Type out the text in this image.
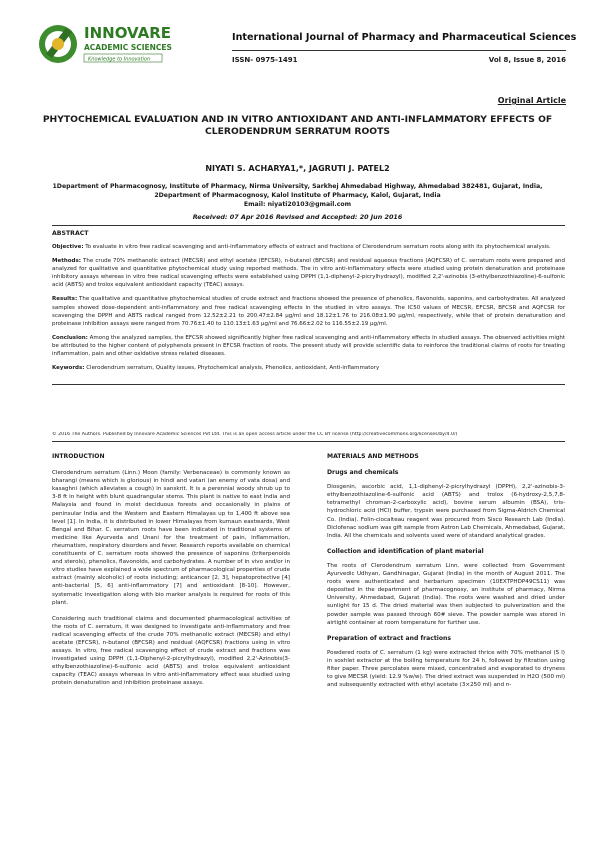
INNOVARE
ACADEMIC SCIENCES
Knowledge to Innovation
International Journal of Pharmacy and Pharmaceutical Sciences
ISSN- 0975-1491	Vol 8, Issue 8, 2016
Original Article
PHYTOCHEMICAL EVALUATION AND IN VITRO ANTIOXIDANT AND ANTI-INFLAMMATORY EFFECTS OF CLERODENDRUM SERRATUM ROOTS
NIYATI S. ACHARYA1,*, JAGRUTI J. PATEL2
1Department of Pharmacognosy, Institute of Pharmacy, Nirma University, Sarkhej Ahmedabad Highway, Ahmedabad 382481, Gujarat, India, 2Department of Pharmacognosy, Kalol Institute of Pharmacy, Kalol, Gujarat, India
Email: niyati20103@gmail.com
Received: 07 Apr 2016 Revised and Accepted: 20 Jun 2016
ABSTRACT
Objective: To evaluate in vitro free radical scavenging and anti-inflammatory effects of extract and fractions of Clerodendrum serratum roots along with its phytochemical analysis.
Methods: The crude 70% methanolic extract (MECSR) and ethyl acetate (EFCSR), n-butanol (BFCSR) and residual aqueous fractions (AQFCSR) of C. serratum roots were prepared and analyzed for qualitative and quantitative phytochemical study using reported methods. The in vitro anti-inflammatory effects were studied using protein denaturation and proteinase inhibitory assays whereas in vitro free radical scavenging effects were established using DPPH (1,1-diphenyl-2-picrylhydrazyl), modified 2,2'-azinobis (3-ethylbenzothiazoline)-6-sulfonic acid (ABTS) and trolox equivalent antioxidant capacity (TEAC) assays.
Results: The qualitative and quantitative phytochemical studies of crude extract and fractions showed the presence of phenolics, flavonoids, saponins, and carbohydrates. All analyzed samples showed dose-dependent anti-inflammatory and free radical scavenging effects in the studied in vitro assays. The IC50 values of MECSR, EFCSR, BFCSR and AQFCSR for scavenging the DPPH and ABTS radical ranged from 12.52±2.21 to 200.47±2.84 µg/ml and 18.12±1.76 to 216.08±1.90 µg/ml, respectively, while that of protein denaturation and proteinase inhibition assays were ranged from 70.76±1.40 to 110.13±1.63 µg/ml and 76.66±2.02 to 116.55±2.19 µg/ml.
Conclusion: Among the analyzed samples, the EFCSR showed significantly higher free radical scavenging and anti-inflammatory effects in studied assays. The observed activities might be attributed to the higher content of polyphenols present in EFCSR fraction of roots. The present study will provide scientific data to reinforce the traditional claims of roots for treating inflammation, pain and other oxidative stress related diseases.
Keywords: Clerodendrum serratum, Quality issues, Phytochemical analysis, Phenolics, antioxidant, Anti-inflammatory
© 2016 The Authors. Published by Innovare Academic Sciences Pvt Ltd. This is an open access article under the CC BY license (http://creativecommons.org/licenses/by/4.0/)
INTRODUCTION
Clerodendrum serratum (Linn.) Moon (family: Verbenaceae) is commonly known as bharangi (means which is glorious) in hindi and vatari (an enemy of vata dosa) and kasaghni (which alleviates a cough) in sanskrit. It is a perennial woody shrub up to 3-8 ft in height with blunt quadrangular stems. This plant is native to east India and Malaysia and found in moist deciduous forests and occasionally in plains of peninsular India and the Western and Eastern Himalayas up to 1,400 ft above sea level [1]. In India, it is distributed in lower Himalayas from kumaun eastwards, West Bengal and Bihar. C. serratum roots have been indicated in traditional systems of medicine like Ayurveda and Unani for the treatment of pain, inflammation, rheumatism, respiratory disorders and fever. Research reports available on chemical constituents of C. serratum roots showed the presence of saponins (triterpenoids and sterols), phenolics, flavonoids, and carbohydrates. A number of in vivo and/or in vitro studies have explained a wide spectrum of pharmacological properties of crude extract (mainly alcoholic) of roots including; anticancer [2, 3], hepatoprotective [4] anti-bacterial [5, 6] anti-inflammatory [7] and antioxidant [8-10]. However, systematic investigation along with bio marker analysis is required for roots of this plant.
Considering such traditional claims and documented pharmacological activities of the roots of C. serratum, it was designed to investigate anti-inflammatory and free radical scavenging effects of the crude 70% methanolic extract (MECSR) and ethyl acetate (EFCSR), n-butanol (BFCSR) and residual (AQFCSR) fractions using in vitro assays. In vitro, free radical scavenging effect of crude extract and fractions was investigated using DPPH (1,1-Diphenyl-2-picrylhydrazyl), modified 2,2'-Azinobis(3-ethylbenzothiazoline)-6-sulfonic acid (ABTS) and trolox equivalent antioxidant capacity (TEAC) assays whereas in vitro anti-inflammatory effect was studied using protein denaturation and inhibition proteinase assays.
MATERIALS AND METHODS
Drugs and chemicals
Diosgenin, ascorbic acid, 1,1-diphenyl-2-picrylhydrazyl (DPPH), 2,2'-azinobis-3-ethylbenzothiazoline-6-sulfonic acid (ABTS) and trolox (6-hydroxy-2,5,7,8-tetramethyl chroman-2-carboxylic acid), bovine serum albumin (BSA), tris-hydrochloric acid (HCl) buffer, trypsin were purchased from Sigma-Aldrich Chemical Co. (India). Folin-ciocalteau reagent was procured from Sisco Research Lab (India). Diclofenac sodium was gift sample from Astron Lab Chemicals, Ahmedabad, Gujarat, India. All the chemicals and solvents used were of standard analytical grades.
Collection and identification of plant material
The roots of Clerodendrum serratum Linn. were collected from Government Ayurvedic Udhyan, Gandhinagar, Gujarat (India) in the month of August 2011. The roots were authenticated and herbarium specimen (10EXTPHDP49CS11) was deposited in the department of pharmacognosy, an institute of pharmacy, Nirma University, Ahmedabad, Gujarat (India). The roots were washed and dried under sunlight for 15 d. The dried material was then subjected to pulverization and the powder sample was passed through 60# sieve. The powder sample was stored in airtight container at room temperature for further use.
Preparation of extract and fractions
Powdered roots of C. serratum (1 kg) were extracted thrice with 70% methanol (5 l) in soxhlet extractor at the boiling temperature for 24 h, followed by filtration using filter paper. Three percolates were mixed, concentrated and evaporated to dryness to give MECSR (yield: 12.9 %w/w). The dried extract was suspended in H2O (500 ml) and subsequently extracted with ethyl acetate (3×250 ml) and n-
